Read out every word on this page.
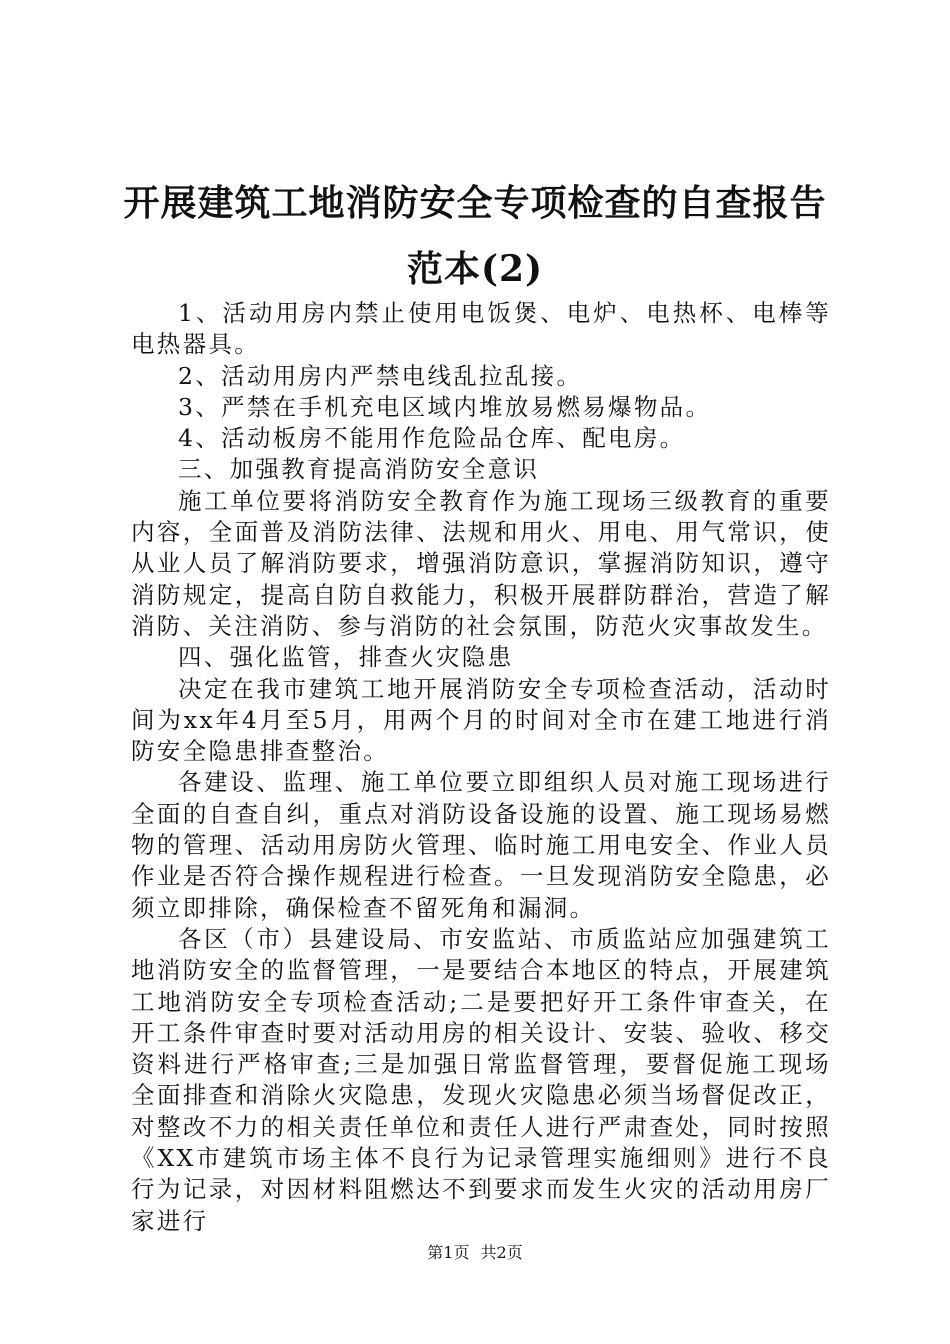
开展建筑工地消防安全专项检查的自查报告范本(2)

1、活动用房内禁止使用电饭煲、电炉、电热杯、电棒等电热器具。

2、活动用房内严禁电线乱拉乱接。

3、严禁在手机充电区域内堆放易燃易爆物品。

4、活动板房不能用作危险品仓库、配电房。

三、加强教育提高消防安全意识

施工单位要将消防安全教育作为施工现场三级教育的重要内容，全面普及消防法律、法规和用火、用电、用气常识，使从业人员了解消防要求，增强消防意识，掌握消防知识，遵守消防规定，提高自防自救能力，积极开展群防群治，营造了解消防、关注消防、参与消防的社会氛围，防范火灾事故发生。

四、强化监管，排查火灾隐患

决定在我市建筑工地开展消防安全专项检查活动，活动时间为xx年4月至5月，用两个月的时间对全市在建工地进行消防安全隐患排查整治。

各建设、监理、施工单位要立即组织人员对施工现场进行全面的自查自纠，重点对消防设备设施的设置、施工现场易燃物的管理、活动用房防火管理、临时施工用电安全、作业人员作业是否符合操作规程进行检查。一旦发现消防安全隐患，必须立即排除，确保检查不留死角和漏洞。

各区（市）县建设局、市安监站、市质监站应加强建筑工地消防安全的监督管理，一是要结合本地区的特点，开展建筑工地消防安全专项检查活动;二是要把好开工条件审查关，在开工条件审查时要对活动用房的相关设计、安装、验收、移交资料进行严格审查;三是加强日常监督管理，要督促施工现场全面排查和消除火灾隐患，发现火灾隐患必须当场督促改正，对整改不力的相关责任单位和责任人进行严肃查处，同时按照《XX市建筑市场主体不良行为记录管理实施细则》进行不良行为记录，对因材料阻燃达不到要求而发生火灾的活动用房厂家进行

第1页 共2页
